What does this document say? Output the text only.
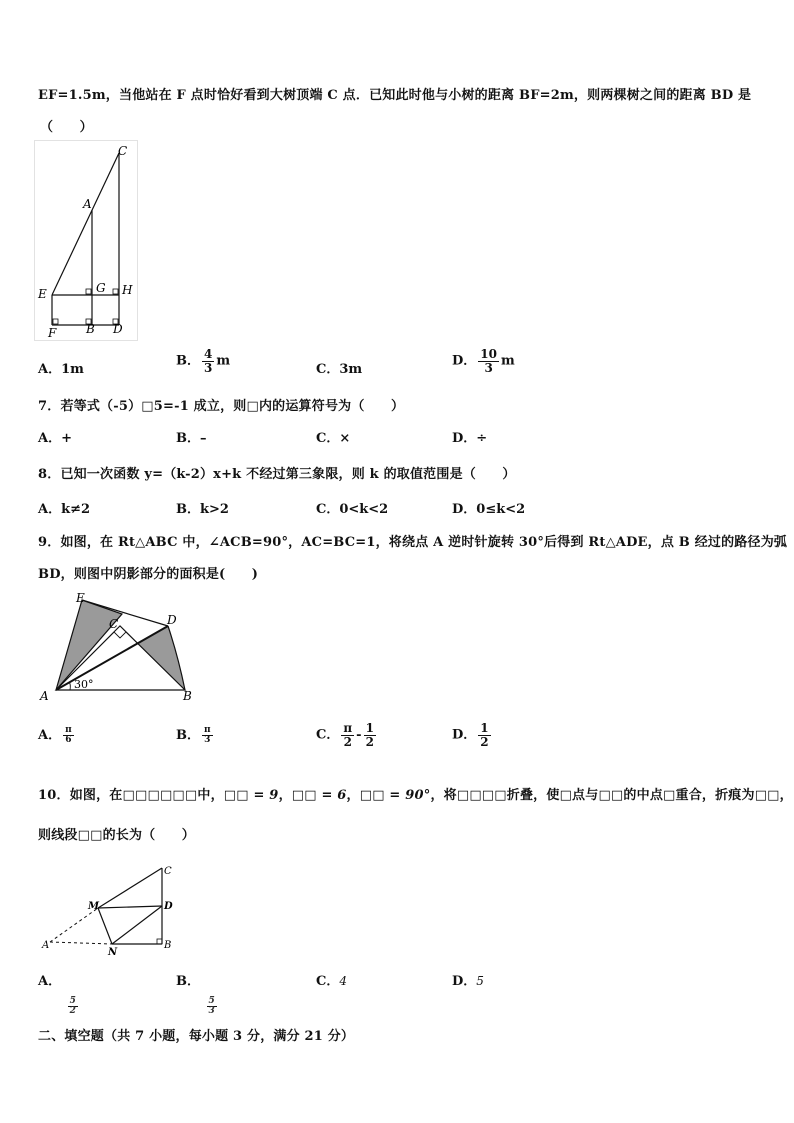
EF=1.5m，当他站在 F 点时恰好看到大树顶端 C 点．已知此时他与小树的距离 BF=2m，则两棵树之间的距离 BD 是
（　　）
C
A
E	G H
F B D
A．1m
B． $\frac{4}{3}$ m
C．3m
D． $\frac{10}{3}$ m
7．若等式（-5）□5=-1 成立，则□内的运算符号为（　　）
A．+	B．–	C．×	D．÷
8．已知一次函数 y=（k-2）x+k 不经过第三象限，则 k 的取值范围是（　　）
A．k≠2	B．k>2	C．0<k<2	D．0≤k<2
9．如图，在 Rt△ABC 中，∠ACB=90°，AC=BC=1，将绕点 A 逆时针旋转 30°后得到 Rt△ADE，点 B 经过的路径为弧
BD，则图中阴影部分的面积是(　　)
E
C	D
A	B
30°
A． $\frac{\pi}{6}$	B． $\frac{\pi}{3}$	C． $\frac{\pi}{2} - \frac{1}{2}$	D． $\frac{1}{2}$
10．如图，在□□□□□□中，□□ = 9，□□ = 6，□□ = 90°，将□□□□折叠，使□点与□□的中点□重合，折痕为□□，
则线段□□的长为（　　）
C
M	D
A
N
B
A．
$\frac{5}{2}$
B．
$\frac{5}{3}$
C．4	D．5
二、填空题（共 7 小题，每小题 3 分，满分 21 分）
